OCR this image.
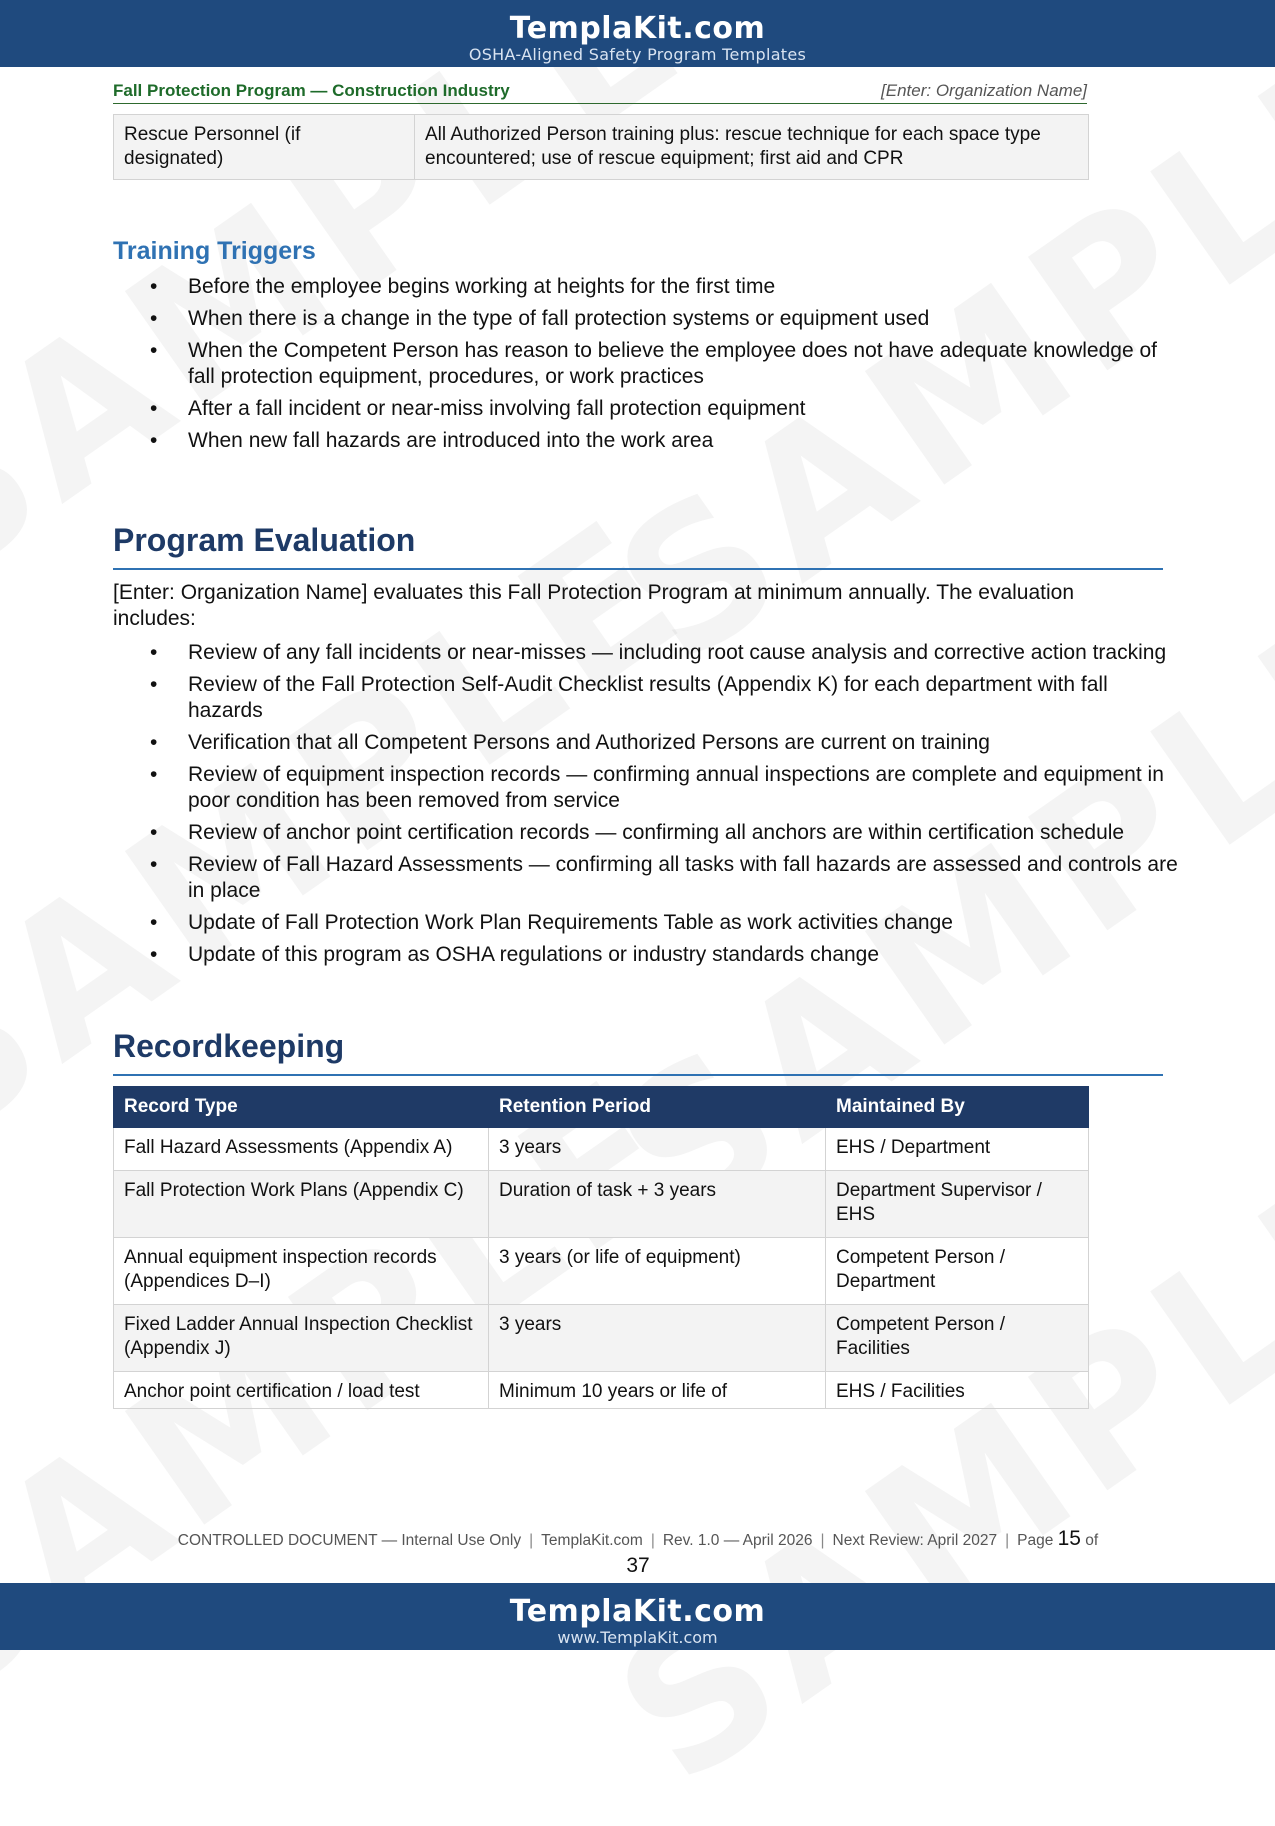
TemplaKit.com
OSHA-Aligned Safety Program Templates
Fall Protection Program — Construction Industry	[Enter: Organization Name]
Rescue Personnel (if designated)	All Authorized Person training plus: rescue technique for each space type encountered; use of rescue equipment; first aid and CPR
Training Triggers
• Before the employee begins working at heights for the first time
• When there is a change in the type of fall protection systems or equipment used
• When the Competent Person has reason to believe the employee does not have adequate knowledge of fall protection equipment, procedures, or work practices
• After a fall incident or near-miss involving fall protection equipment
• When new fall hazards are introduced into the work area
Program Evaluation

[Enter: Organization Name] evaluates this Fall Protection Program at minimum annually. The evaluation includes:

• Review of any fall incidents or near-misses — including root cause analysis and corrective action tracking
• Review of the Fall Protection Self-Audit Checklist results (Appendix K) for each department with fall hazards
• Verification that all Competent Persons and Authorized Persons are current on training
• Review of equipment inspection records — confirming annual inspections are complete and equipment in poor condition has been removed from service
• Review of anchor point certification records — confirming all anchors are within certification schedule
• Review of Fall Hazard Assessments — confirming all tasks with fall hazards are assessed and controls are in place
• Update of Fall Protection Work Plan Requirements Table as work activities change
• Update of this program as OSHA regulations or industry standards change
Recordkeeping
Record Type	Retention Period	Maintained By
Fall Hazard Assessments (Appendix A)	3 years	EHS / Department
Fall Protection Work Plans (Appendix C)	Duration of task + 3 years	Department Supervisor / EHS
Annual equipment inspection records (Appendices D–I)	3 years (or life of equipment)	Competent Person / Department
Fixed Ladder Annual Inspection Checklist (Appendix J)	3 years	Competent Person / Facilities
Anchor point certification / load test	Minimum 10 years or life of	EHS / Facilities
CONTROLLED DOCUMENT — Internal Use Only | TemplaKit.com | Rev. 1.0 — April 2026 | Next Review: April 2027 | Page 15 of
37
TemplaKit.com
www.TemplaKit.com
